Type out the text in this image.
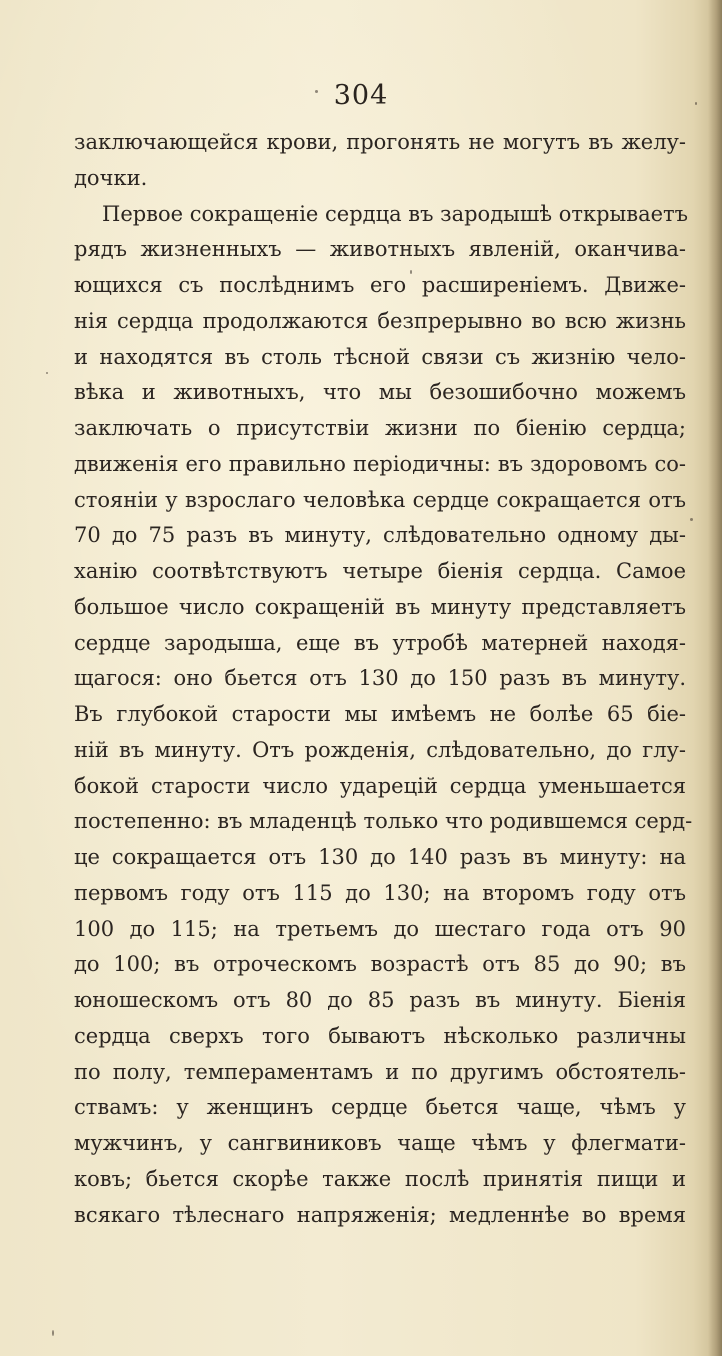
304
заключающейся крови, прогонять не могутъ въ желу-
дочки.
Первое сокращеніе сердца въ зародышѣ открываетъ
рядъ жизненныхъ — животныхъ явленій, оканчива-
ющихся съ послѣднимъ его расширеніемъ. Движе-
нія сердца продолжаются безпрерывно во всю жизнь
и находятся въ столь тѣсной связи съ жизнію чело-
вѣка и животныхъ, что мы безошибочно можемъ
заключать о присутствіи жизни по біенію сердца;
движенія его правильно періодичны: въ здоровомъ со-
стояніи у взрослаго человѣка сердце сокращается отъ
70 до 75 разъ въ минуту, слѣдовательно одному ды-
ханію соотвѣтствуютъ четыре біенія сердца. Самое
большое число сокращеній въ минуту представляетъ
сердце зародыша, еще въ утробѣ матерней находя-
щагося: оно бьется отъ 130 до 150 разъ въ минуту.
Въ глубокой старости мы имѣемъ не болѣе 65 біе-
ній въ минуту. Отъ рожденія, слѣдовательно, до глу-
бокой старости число ударецій сердца уменьшается
постепенно: въ младенцѣ только что родившемся серд-
це сокращается отъ 130 до 140 разъ въ минуту: на
первомъ году отъ 115 до 130; на второмъ году отъ
100 до 115; на третьемъ до шестаго года отъ 90
до 100; въ отроческомъ возрастѣ отъ 85 до 90; въ
юношескомъ отъ 80 до 85 разъ въ минуту. Біенія
сердца сверхъ того бываютъ нѣсколько различны
по полу, темпераментамъ и по другимъ обстоятель-
ствамъ: у женщинъ сердце бьется чаще, чѣмъ у
мужчинъ, у сангвиниковъ чаще чѣмъ у флегмати-
ковъ; бьется скорѣе также послѣ принятія пищи и
всякаго тѣлеснаго напряженія; медленнѣе во время
